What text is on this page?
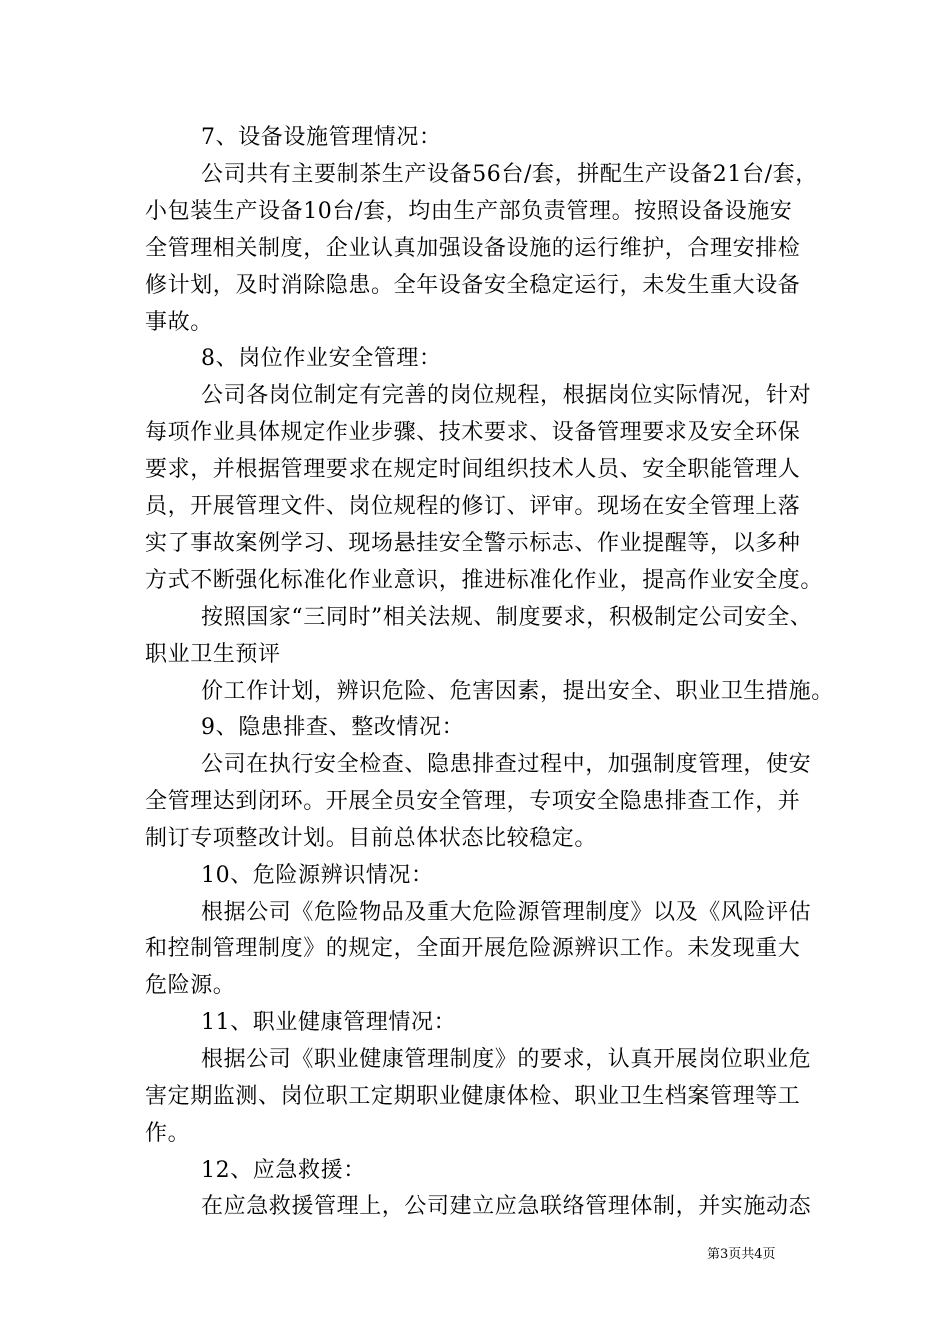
7、设备设施管理情况：
公司共有主要制茶生产设备56台/套，拼配生产设备21台/套，
小包装生产设备10台/套，均由生产部负责管理。按照设备设施安
全管理相关制度，企业认真加强设备设施的运行维护，合理安排检
修计划，及时消除隐患。全年设备安全稳定运行，未发生重大设备
事故。
8、岗位作业安全管理：
公司各岗位制定有完善的岗位规程，根据岗位实际情况，针对
每项作业具体规定作业步骤、技术要求、设备管理要求及安全环保
要求，并根据管理要求在规定时间组织技术人员、安全职能管理人
员，开展管理文件、岗位规程的修订、评审。现场在安全管理上落
实了事故案例学习、现场悬挂安全警示标志、作业提醒等，以多种
方式不断强化标准化作业意识，推进标准化作业，提高作业安全度。
按照国家“三同时”相关法规、制度要求，积极制定公司安全、
职业卫生预评
价工作计划，辨识危险、危害因素，提出安全、职业卫生措施。
9、隐患排查、整改情况：
公司在执行安全检查、隐患排查过程中，加强制度管理，使安
全管理达到闭环。开展全员安全管理，专项安全隐患排查工作，并
制订专项整改计划。目前总体状态比较稳定。
10、危险源辨识情况：
根据公司《危险物品及重大危险源管理制度》以及《风险评估
和控制管理制度》的规定，全面开展危险源辨识工作。未发现重大
危险源。
11、职业健康管理情况：
根据公司《职业健康管理制度》的要求，认真开展岗位职业危
害定期监测、岗位职工定期职业健康体检、职业卫生档案管理等工
作。
12、应急救援：
在应急救援管理上，公司建立应急联络管理体制，并实施动态
第3页共4页
